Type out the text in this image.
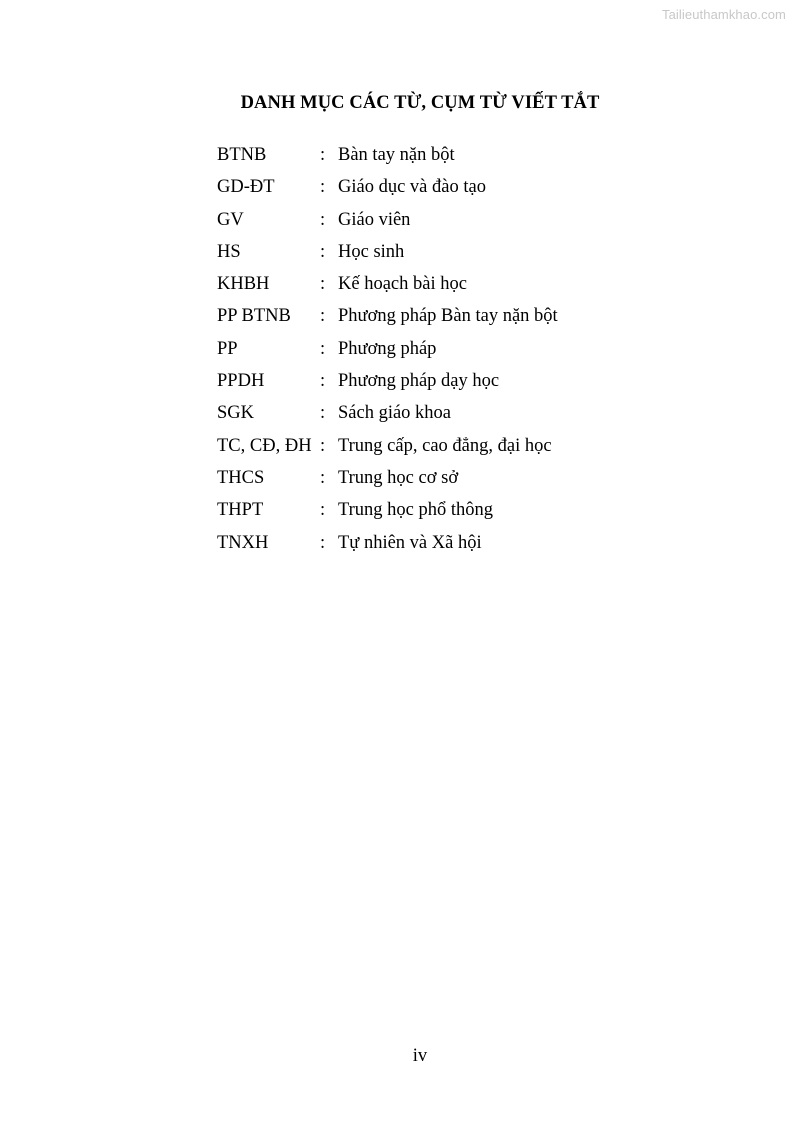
Tailieuthamkhao.com
DANH MỤC CÁC TỪ, CỤM TỪ VIẾT TẮT
BTNB	: Bàn tay nặn bột
GD-ĐT : Giáo dục và đào tạo
GV	: Giáo viên
HS	: Học sinh
KHBH	: Kế hoạch bài học
PP BTNB : Phương pháp Bàn tay nặn bột
PP	: Phương pháp
PPDH	: Phương pháp dạy học
SGK	: Sách giáo khoa
TC, CĐ, ĐH : Trung cấp, cao đẳng, đại học
THCS	: Trung học cơ sở
THPT	: Trung học phổ thông
TNXH	: Tự nhiên và Xã hội
iv
